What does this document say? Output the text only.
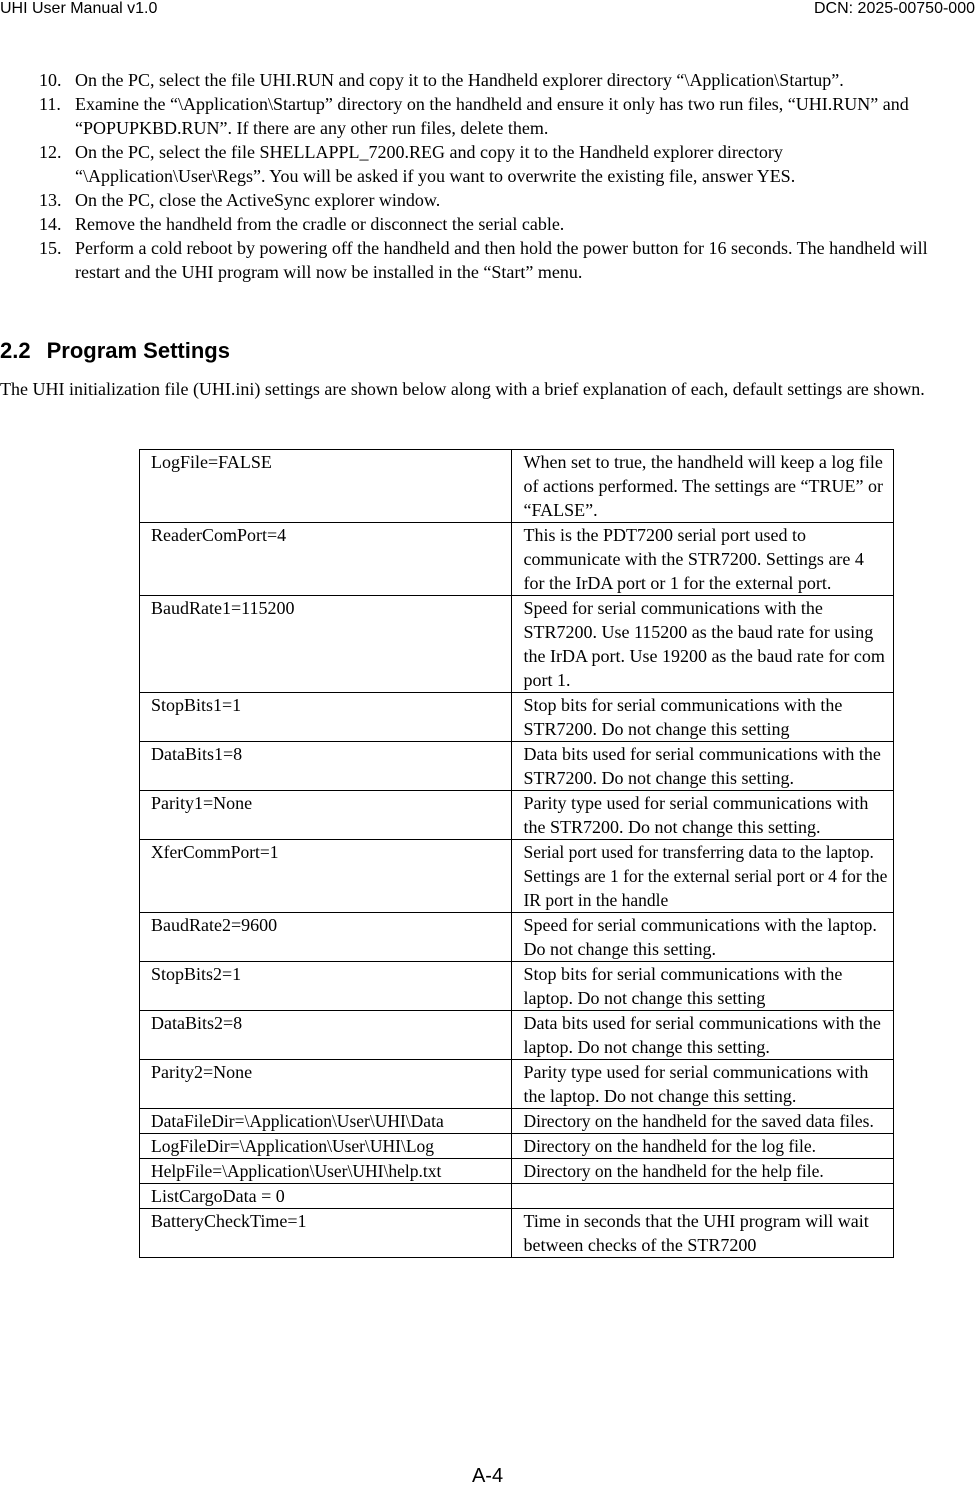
UHI User Manual v1.0	DCN: 2025-00750-000
10. On the PC, select the file UHI.RUN and copy it to the Handheld explorer directory “\Application\Startup”.
11. Examine the “\Application\Startup” directory on the handheld and ensure it only has two run files, “UHI.RUN” and “POPUPKBD.RUN”. If there are any other run files, delete them.
12. On the PC, select the file SHELLAPPL_7200.REG and copy it to the Handheld explorer directory “\Application\User\Regs”. You will be asked if you want to overwrite the existing file, answer YES.
13. On the PC, close the ActiveSync explorer window.
14. Remove the handheld from the cradle or disconnect the serial cable.
15. Perform a cold reboot by powering off the handheld and then hold the power button for 16 seconds. The handheld will restart and the UHI program will now be installed in the “Start” menu.
2.2 Program Settings

The UHI initialization file (UHI.ini) settings are shown below along with a brief explanation of each, default settings are shown.

LogFile=FALSE	When set to true, the handheld will keep a log file of actions performed. The settings are “TRUE” or “FALSE”.
ReaderComPort=4	This is the PDT7200 serial port used to communicate with the STR7200. Settings are 4 for the IrDA port or 1 for the external port.
BaudRate1=115200	Speed for serial communications with the STR7200. Use 115200 as the baud rate for using the IrDA port. Use 19200 as the baud rate for com port 1.
StopBits1=1	Stop bits for serial communications with the STR7200. Do not change this setting
DataBits1=8	Data bits used for serial communications with the STR7200. Do not change this setting.
Parity1=None	Parity type used for serial communications with the STR7200. Do not change this setting.
XferCommPort=1	Serial port used for transferring data to the laptop. Settings are 1 for the external serial port or 4 for the IR port in the handle
BaudRate2=9600	Speed for serial communications with the laptop. Do not change this setting.
StopBits2=1	Stop bits for serial communications with the laptop. Do not change this setting
DataBits2=8	Data bits used for serial communications with the laptop. Do not change this setting.
Parity2=None	Parity type used for serial communications with the laptop. Do not change this setting.
DataFileDir=\Application\User\UHI\Data	Directory on the handheld for the saved data files.
LogFileDir=\Application\User\UHI\Log	Directory on the handheld for the log file.
HelpFile=\Application\User\UHI\help.txt	Directory on the handheld for the help file.
ListCargoData = 0	
BatteryCheckTime=1	Time in seconds that the UHI program will wait between checks of the STR7200
A-4
